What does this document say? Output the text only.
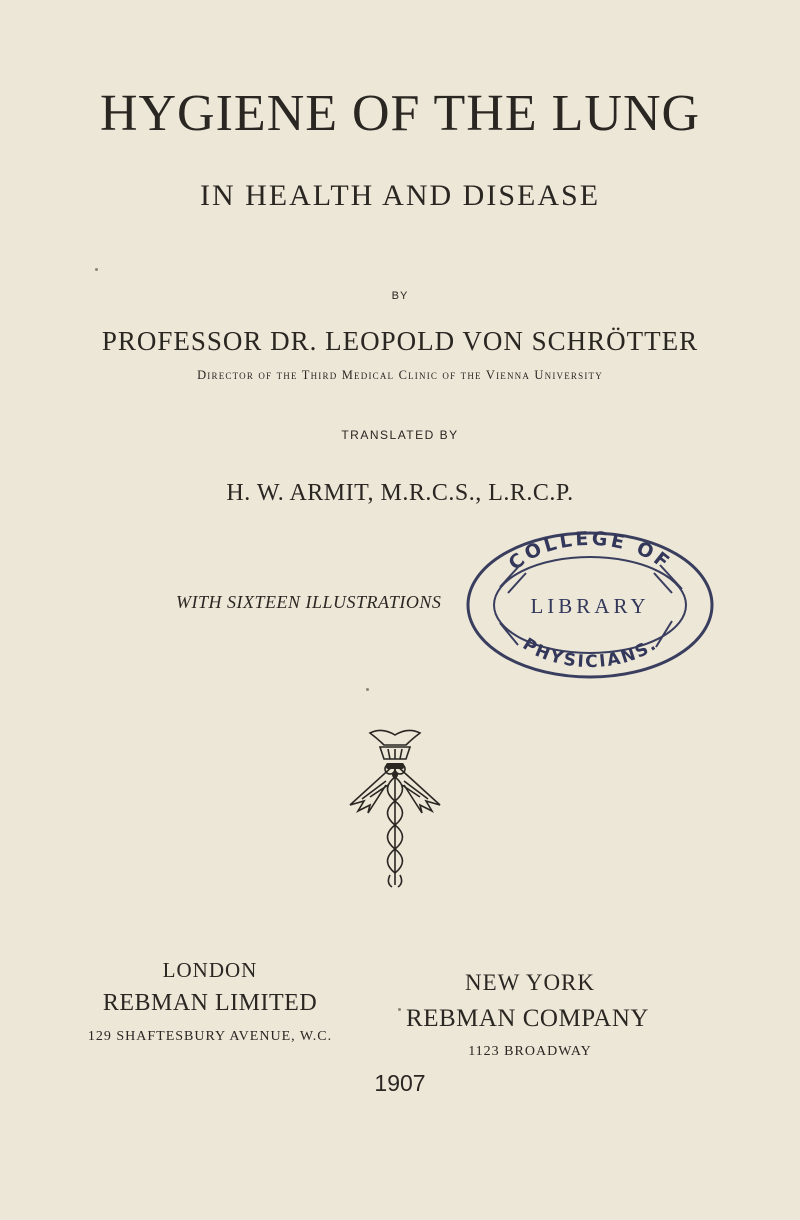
HYGIENE OF THE LUNG
IN HEALTH AND DISEASE
BY
PROFESSOR DR. LEOPOLD VON SCHRÖTTER
Director of the Third Medical Clinic of the Vienna University
TRANSLATED BY
H. W. ARMIT, M.R.C.S., L.R.C.P.
WITH SIXTEEN ILLUSTRATIONS
COLLEGE OF
LIBRARY
PHYSICIANS.
LONDON
REBMAN LIMITED
129 SHAFTESBURY AVENUE, W.C.
NEW YORK
REBMAN COMPANY
1123 BROADWAY
1907
